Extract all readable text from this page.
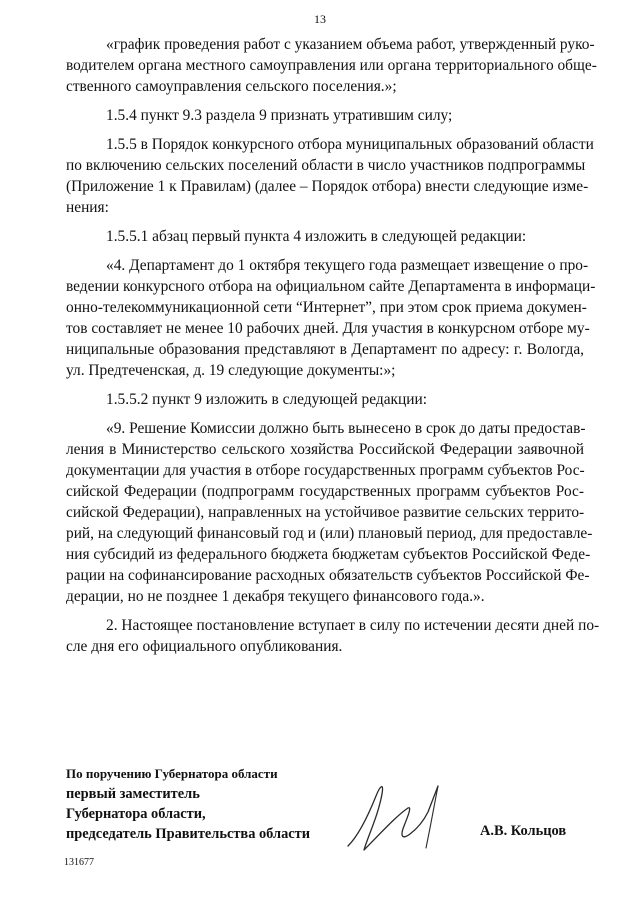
13
«график проведения работ с указанием объема работ, утвержденный руко-
водителем органа местного самоуправления или органа территориального обще-
ственного самоуправления сельского поселения.»;
1.5.4 пункт 9.3 раздела 9 признать утратившим силу;
1.5.5 в Порядок конкурсного отбора муниципальных образований области
по включению сельских поселений области в число участников подпрограммы
(Приложение 1 к Правилам) (далее – Порядок отбора) внести следующие изме-
нения:
1.5.5.1 абзац первый пункта 4 изложить в следующей редакции:
«4. Департамент до 1 октября текущего года размещает извещение о про-
ведении конкурсного отбора на официальном сайте Департамента в информаци-
онно-телекоммуникационной сети “Интернет”, при этом срок приема докумен-
тов составляет не менее 10 рабочих дней. Для участия в конкурсном отборе му-
ниципальные образования представляют в Департамент по адресу: г. Вологда,
ул. Предтеченская, д. 19 следующие документы:»;
1.5.5.2 пункт 9 изложить в следующей редакции:
«9. Решение Комиссии должно быть вынесено в срок до даты предостав-
ления в Министерство сельского хозяйства Российской Федерации заявочной
документации для участия в отборе государственных программ субъектов Рос-
сийской Федерации (подпрограмм государственных программ субъектов Рос-
сийской Федерации), направленных на устойчивое развитие сельских террито-
рий, на следующий финансовый год и (или) плановый период, для предоставле-
ния субсидий из федерального бюджета бюджетам субъектов Российской Феде-
рации на софинансирование расходных обязательств субъектов Российской Фе-
дерации, но не позднее 1 декабря текущего финансового года.».
2. Настоящее постановление вступает в силу по истечении десяти дней по-
сле дня его официального опубликования.
По поручению Губернатора области
первый заместитель
Губернатора области,
председатель Правительства области	А.В. Кольцов
131677
